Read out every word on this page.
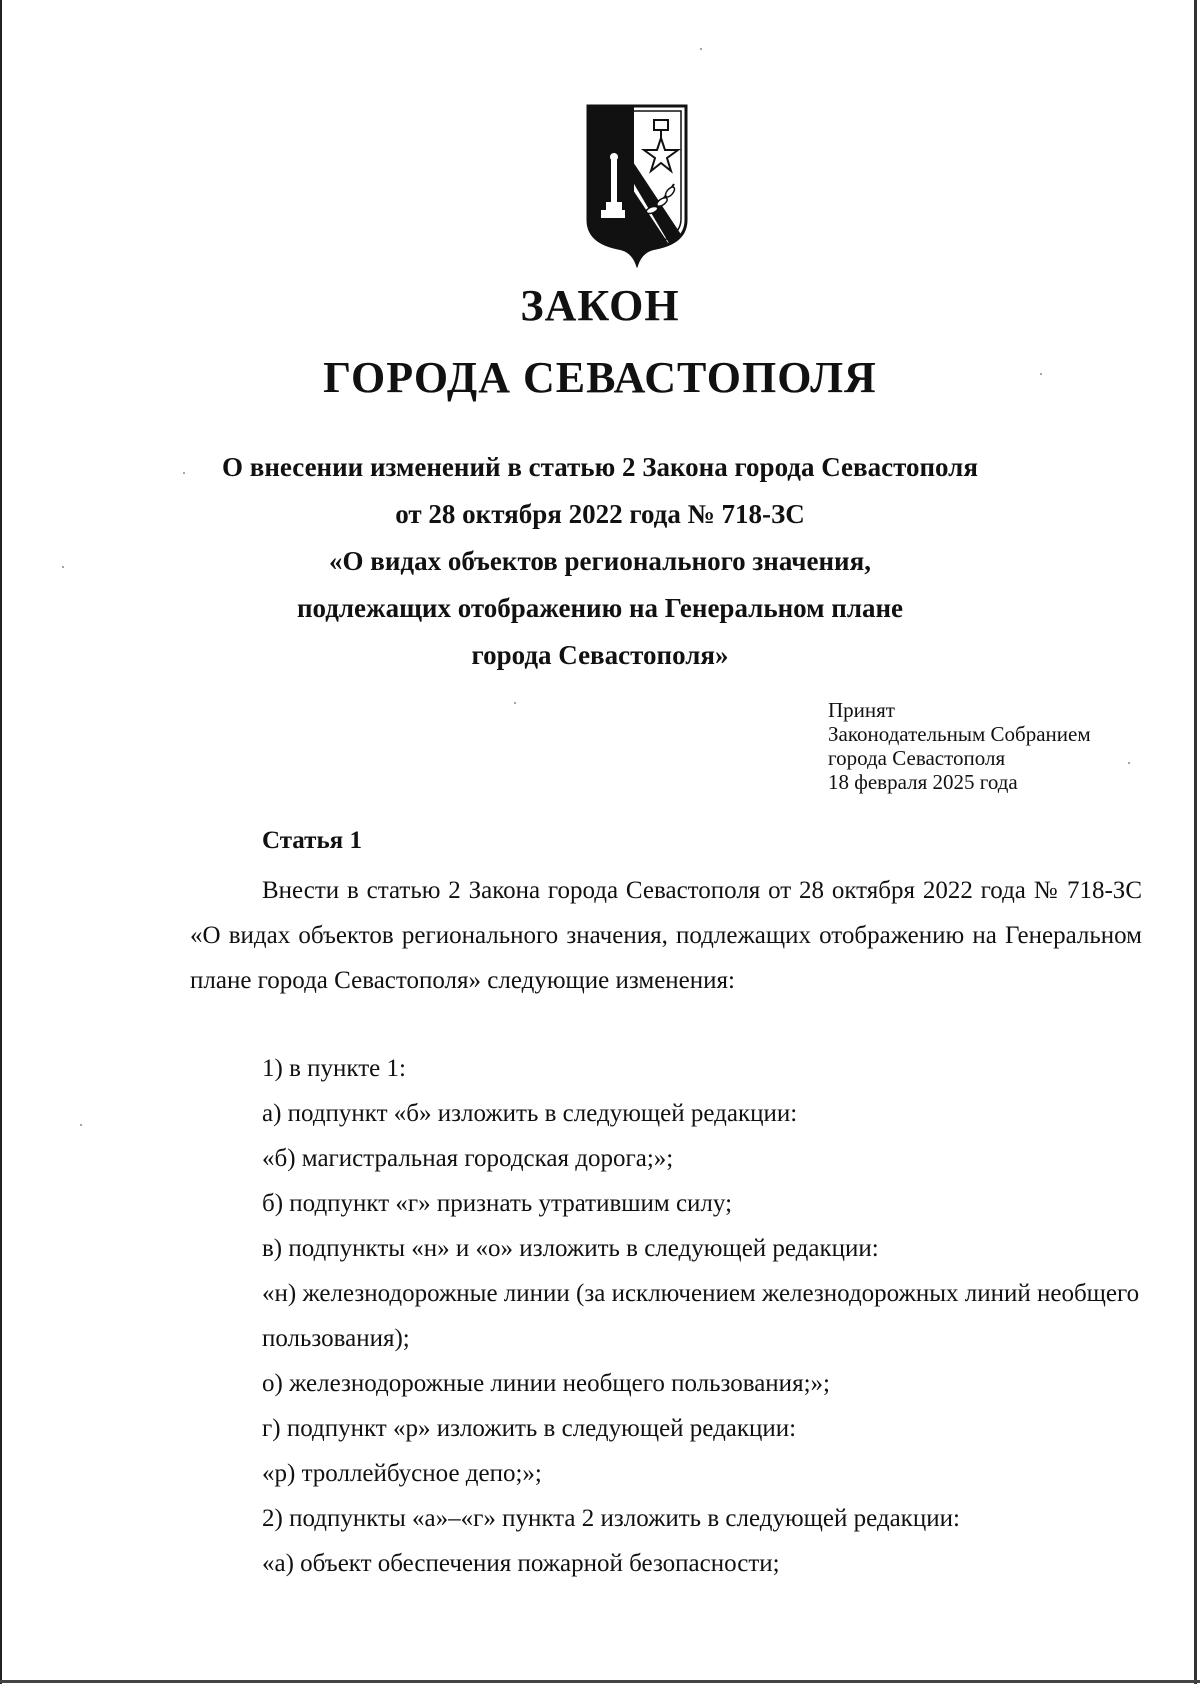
ЗАКОН
ГОРОДА СЕВАСТОПОЛЯ
О внесении изменений в статью 2 Закона города Севастополя
от 28 октября 2022 года № 718-ЗС
«О видах объектов регионального значения,
подлежащих отображению на Генеральном плане
города Севастополя»
Принят
Законодательным Собранием
города Севастополя
18 февраля 2025 года
Статья 1

Внести в статью 2 Закона города Севастополя от 28 октября 2022 года № 718-ЗС «О видах объектов регионального значения, подлежащих отображению на Генеральном плане города Севастополя» следующие изменения:

1) в пункте 1:
а) подпункт «б» изложить в следующей редакции:
«б) магистральная городская дорога;»;
б) подпункт «г» признать утратившим силу;
в) подпункты «н» и «о» изложить в следующей редакции:
«н) железнодорожные линии (за исключением железнодорожных линий необщего пользования);
о) железнодорожные линии необщего пользования;»;
г) подпункт «р» изложить в следующей редакции:
«р) троллейбусное депо;»;
2) подпункты «а»–«г» пункта 2 изложить в следующей редакции:
«а) объект обеспечения пожарной безопасности;
